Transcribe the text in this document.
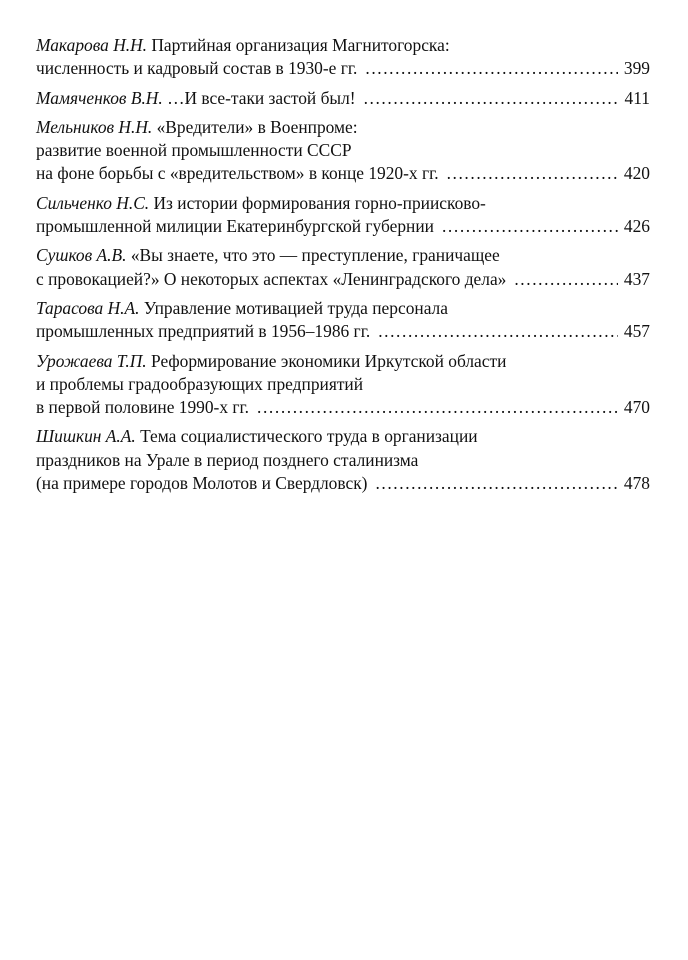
Макарова Н.Н. Партийная организация Магнитогорска:
численность и кадровый состав в 1930-е гг. .....	399
Мамяченков В.Н. …И все-таки застой был! .....	411
Мельников Н.Н. «Вредители» в Военпроме:
развитие военной промышленности СССР
на фоне борьбы с «вредительством» в конце 1920-х гг. .....	420
Сильченко Н.С. Из истории формирования горно-приисково-
промышленной милиции Екатеринбургской губернии .....	426
Сушков А.В. «Вы знаете, что это — преступление, граничащее
с провокацией?» О некоторых аспектах «Ленинградского дела» .....	437
Тарасова Н.А. Управление мотивацией труда персонала
промышленных предприятий в 1956–1986 гг. .....	457
Урожаева Т.П. Реформирование экономики Иркутской области
и проблемы градообразующих предприятий
в первой половине 1990-х гг. .....	470
Шишкин А.А. Тема социалистического труда в организации
праздников на Урале в период позднего сталинизма
(на примере городов Молотов и Свердловск) .....	478
